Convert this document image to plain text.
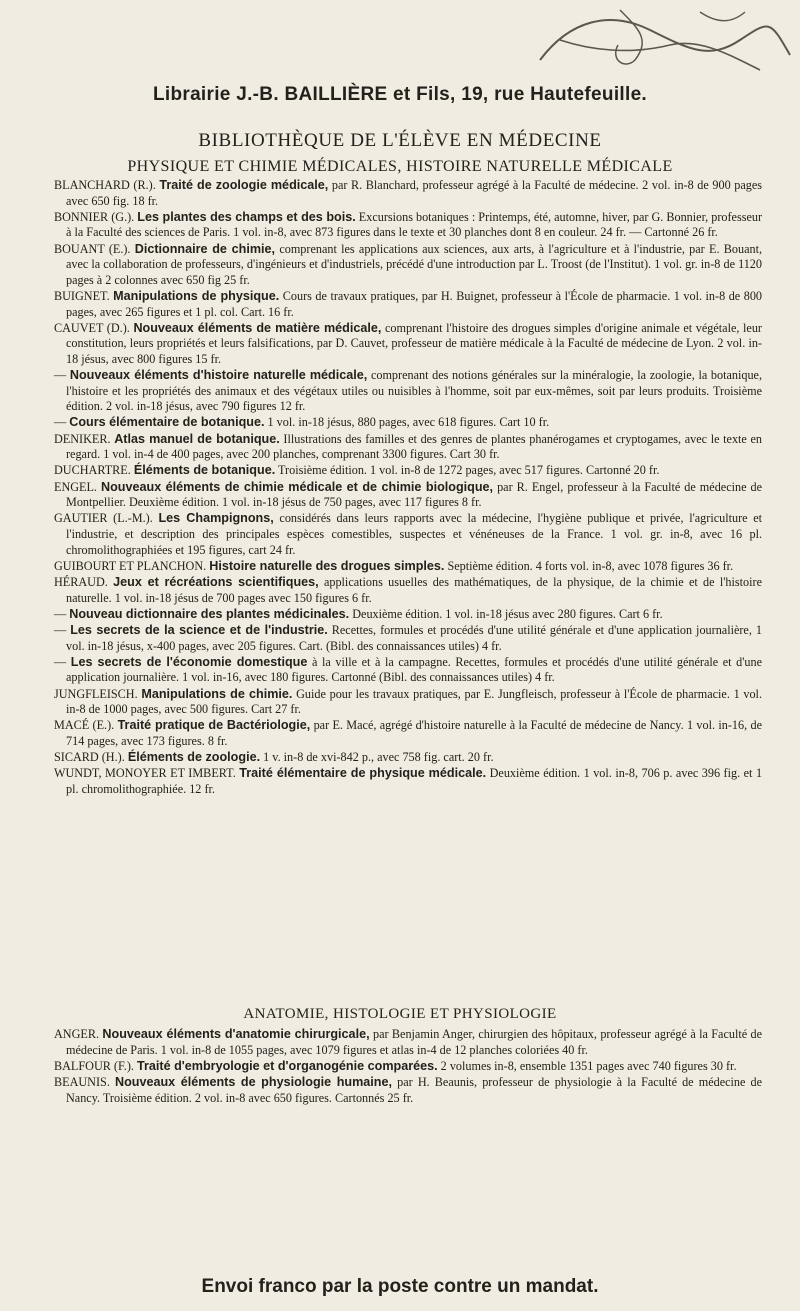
Librairie J.-B. BAILLIÈRE et Fils, 19, rue Hautefeuille.
BIBLIOTHÈQUE DE L'ÉLÈVE EN MÉDECINE
PHYSIQUE ET CHIMIE MÉDICALES, HISTOIRE NATURELLE MÉDICALE

BLANCHARD (R.). Traité de zoologie médicale, par R. Blanchard, professeur agrégé à la Faculté de médecine. 2 vol. in-8 de 900 pages avec 650 fig. 18 fr.

BONNIER (G.). Les plantes des champs et des bois. Excursions botaniques : Printemps, été, automne, hiver, par G. Bonnier, professeur à la Faculté des sciences de Paris. 1 vol. in-8, avec 873 figures dans le texte et 30 planches dont 8 en couleur. 24 fr. — Cartonné 26 fr.

BOUANT (E.). Dictionnaire de chimie, comprenant les applications aux sciences, aux arts, à l'agriculture et à l'industrie, par E. Bouant, avec la collaboration de professeurs, d'ingénieurs et d'industriels, précédé d'une introduction par L. Troost (de l'Institut). 1 vol. gr. in-8 de 1120 pages à 2 colonnes avec 650 fig 25 fr.

BUIGNET. Manipulations de physique. Cours de travaux pratiques, par H. Buignet, professeur à l'École de pharmacie. 1 vol. in-8 de 800 pages, avec 265 figures et 1 pl. col. Cart. 16 fr.

CAUVET (D.). Nouveaux éléments de matière médicale, comprenant l'histoire des drogues simples d'origine animale et végétale, leur constitution, leurs propriétés et leurs falsifications, par D. Cauvet, professeur de matière médicale à la Faculté de médecine de Lyon. 2 vol. in-18 jésus, avec 800 figures 15 fr.

— Nouveaux éléments d'histoire naturelle médicale, comprenant des notions générales sur la minéralogie, la zoologie, la botanique, l'histoire et les propriétés des animaux et des végétaux utiles ou nuisibles à l'homme, soit par eux-mêmes, soit par leurs produits. Troisième édition. 2 vol. in-18 jésus, avec 790 figures 12 fr.

— Cours élémentaire de botanique. 1 vol. in-18 jésus, 880 pages, avec 618 figures. Cart 10 fr.

DENIKER. Atlas manuel de botanique. Illustrations des familles et des genres de plantes phanérogames et cryptogames, avec le texte en regard. 1 vol. in-4 de 400 pages, avec 200 planches, comprenant 3300 figures. Cart 30 fr.

DUCHARTRE. Éléments de botanique. Troisième édition. 1 vol. in-8 de 1272 pages, avec 517 figures. Cartonné 20 fr.

ENGEL. Nouveaux éléments de chimie médicale et de chimie biologique, par R. Engel, professeur à la Faculté de médecine de Montpellier. Deuxième édition. 1 vol. in-18 jésus de 750 pages, avec 117 figures 8 fr.

GAUTIER (L.-M.). Les Champignons, considérés dans leurs rapports avec la médecine, l'hygiène publique et privée, l'agriculture et l'industrie, et description des principales espèces comestibles, suspectes et vénéneuses de la France. 1 vol. gr. in-8, avec 16 pl. chromolithographiées et 195 figures, cart 24 fr.

GUIBOURT ET PLANCHON. Histoire naturelle des drogues simples. Septième édition. 4 forts vol. in-8, avec 1078 figures 36 fr.

HÉRAUD. Jeux et récréations scientifiques, applications usuelles des mathématiques, de la physique, de la chimie et de l'histoire naturelle. 1 vol. in-18 jésus de 700 pages avec 150 figures 6 fr.

— Nouveau dictionnaire des plantes médicinales. Deuxième édition. 1 vol. in-18 jésus avec 280 figures. Cart 6 fr.

— Les secrets de la science et de l'industrie. Recettes, formules et procédés d'une utilité générale et d'une application journalière, 1 vol. in-18 jésus, x-400 pages, avec 205 figures. Cart. (Bibl. des connaissances utiles) 4 fr.

— Les secrets de l'économie domestique à la ville et à la campagne. Recettes, formules et procédés d'une utilité générale et d'une application journalière. 1 vol. in-16, avec 180 figures. Cartonné (Bibl. des connaissances utiles) 4 fr.

JUNGFLEISCH. Manipulations de chimie. Guide pour les travaux pratiques, par E. Jungfleisch, professeur à l'École de pharmacie. 1 vol. in-8 de 1000 pages, avec 500 figures. Cart 27 fr.

MACÉ (E.). Traité pratique de Bactériologie, par E. Macé, agrégé d'histoire naturelle à la Faculté de médecine de Nancy. 1 vol. in-16, de 714 pages, avec 173 figures. 8 fr.

SICARD (H.). Éléments de zoologie. 1 v. in-8 de xvi-842 p., avec 758 fig. cart. 20 fr.

WUNDT, MONOYER ET IMBERT. Traité élémentaire de physique médicale. Deuxième édition. 1 vol. in-8, 706 p. avec 396 fig. et 1 pl. chromolithographiée. 12 fr.

ANATOMIE, HISTOLOGIE ET PHYSIOLOGIE

ANGER. Nouveaux éléments d'anatomie chirurgicale, par Benjamin Anger, chirurgien des hôpitaux, professeur agrégé à la Faculté de médecine de Paris. 1 vol. in-8 de 1055 pages, avec 1079 figures et atlas in-4 de 12 planches coloriées 40 fr.

BALFOUR (F.). Traité d'embryologie et d'organogénie comparées. 2 volumes in-8, ensemble 1351 pages avec 740 figures 30 fr.

BEAUNIS. Nouveaux éléments de physiologie humaine, par H. Beaunis, professeur de physiologie à la Faculté de médecine de Nancy. Troisième édition. 2 vol. in-8 avec 650 figures. Cartonnés 25 fr.

Envoi franco par la poste contre un mandat.
